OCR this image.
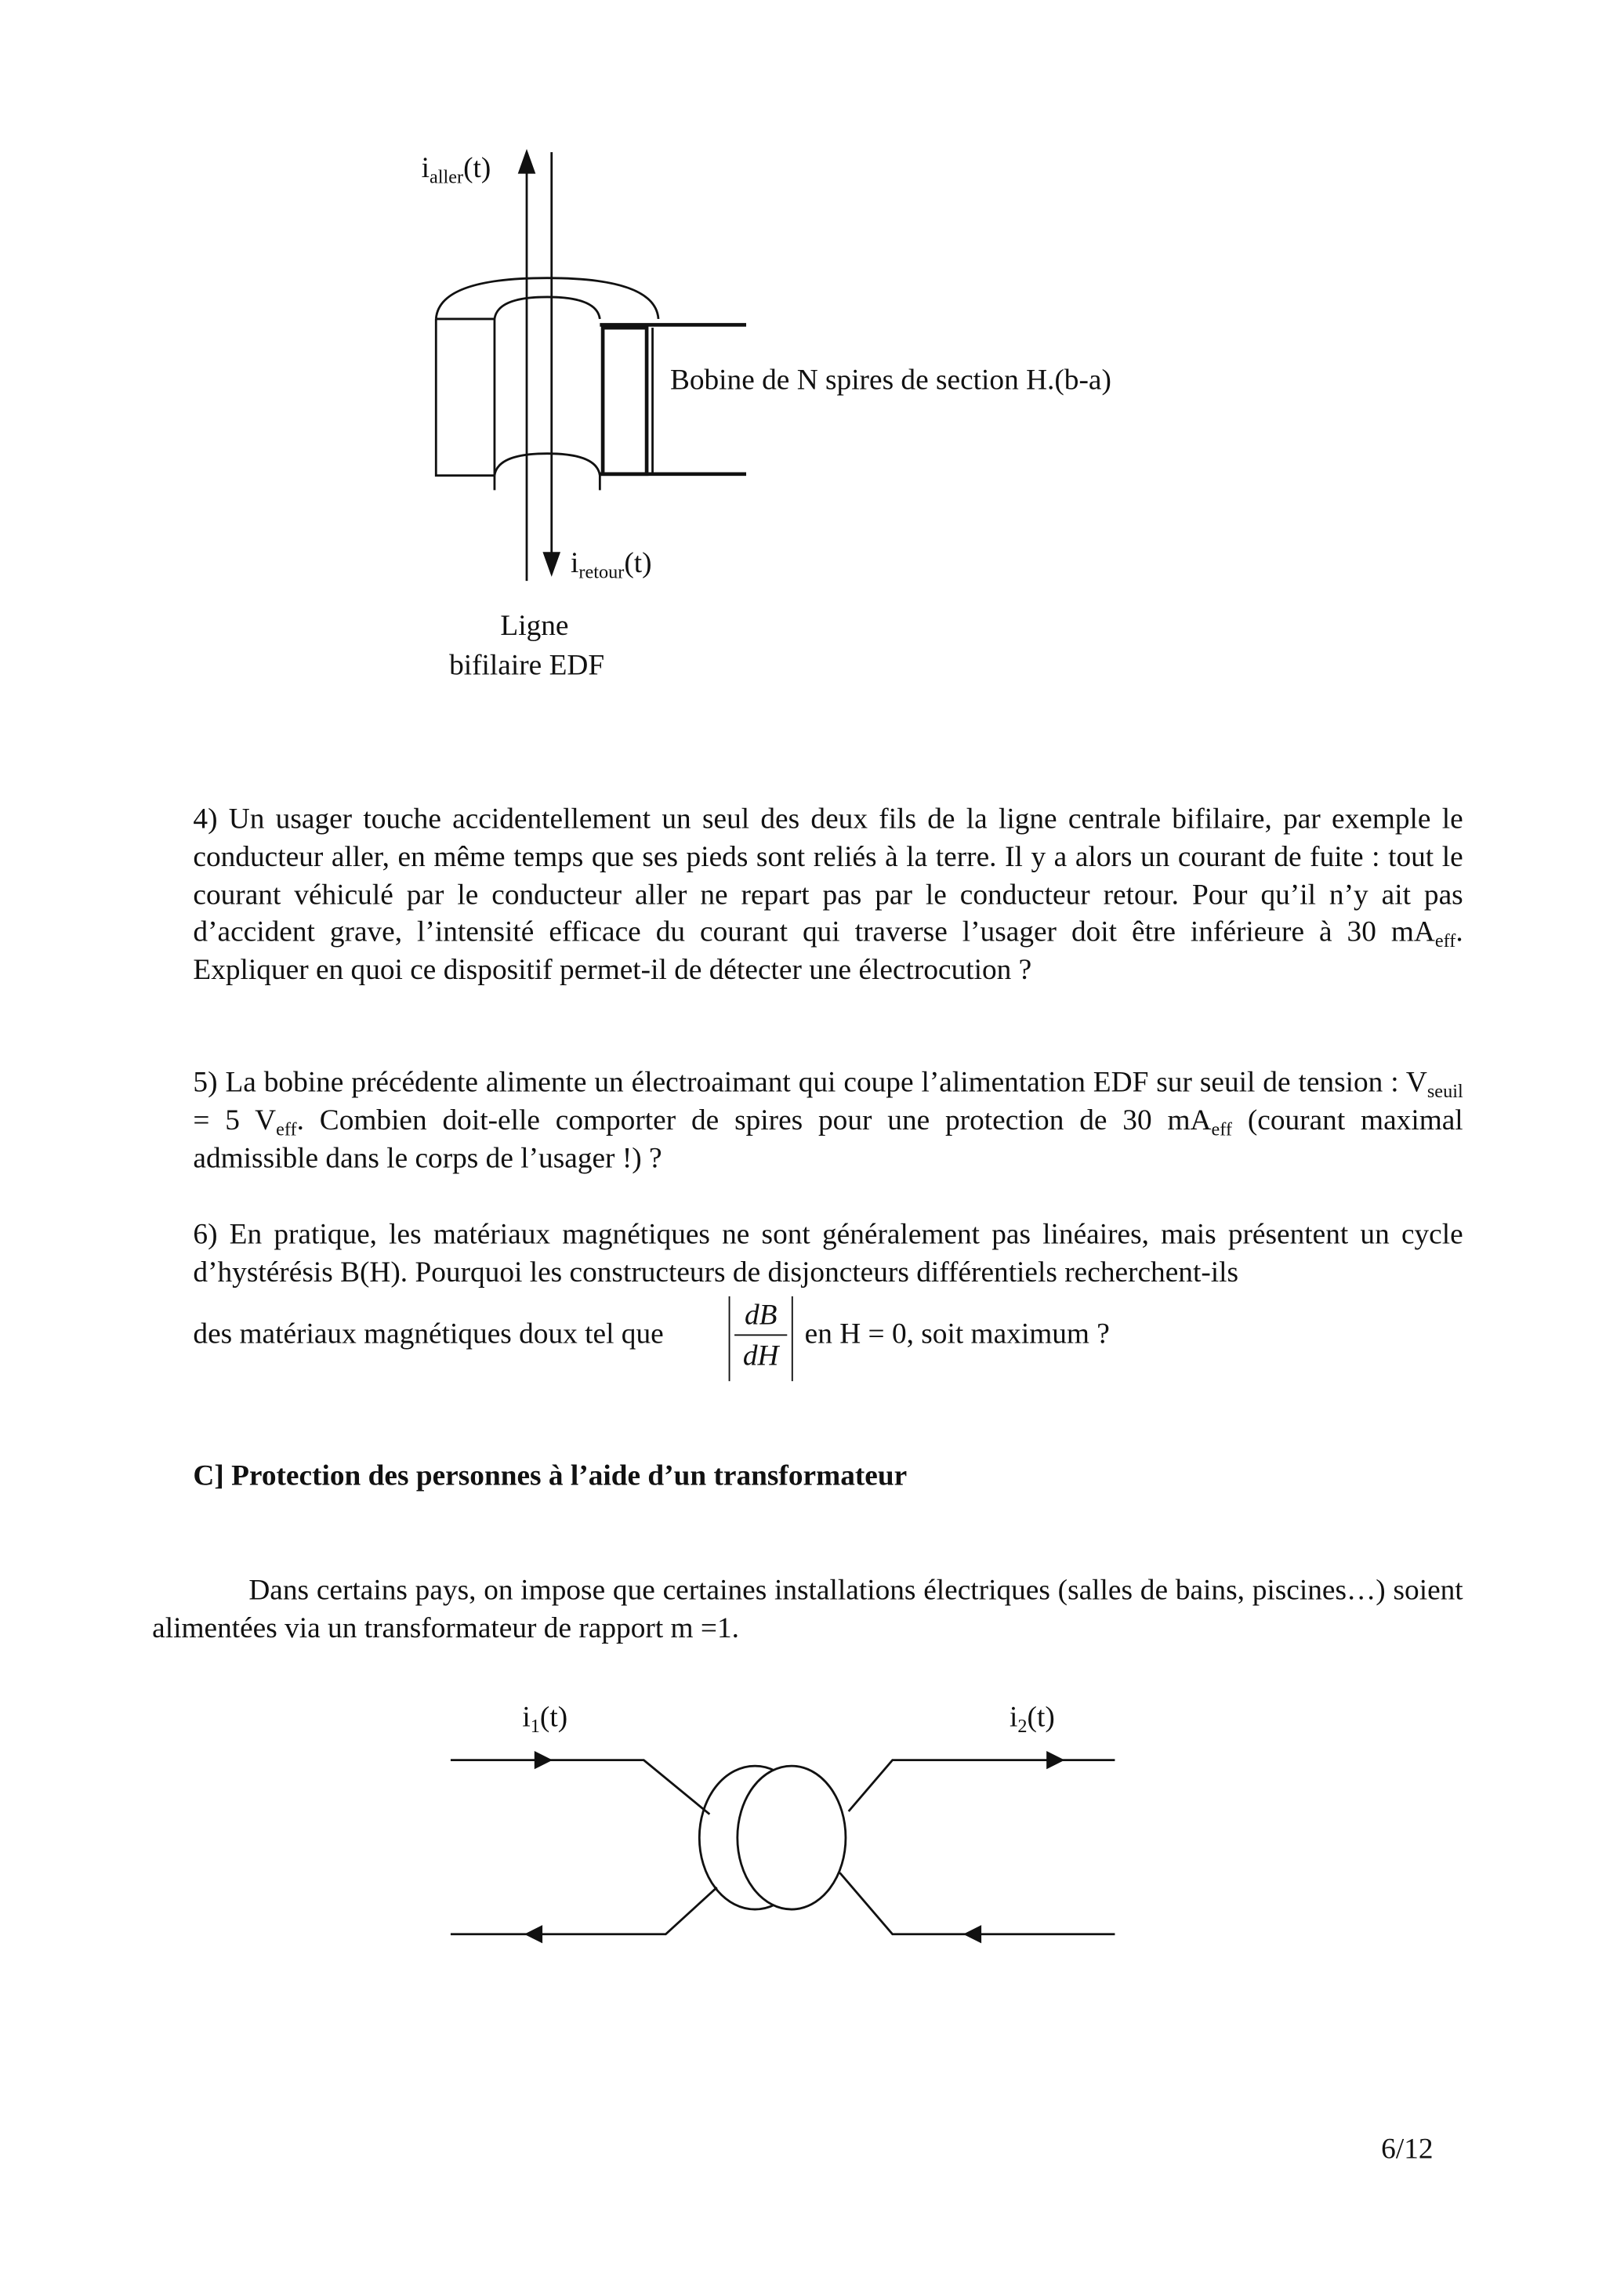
$i_{aller}(t)$
Bobine de N spires de section H.(b-a)
$i_{retour}(t)$
Ligne
bifilaire EDF
4) Un usager touche accidentellement un seul des deux fils de la ligne centrale bifilaire, par exemple le conducteur aller, en même temps que ses pieds sont reliés à la terre. Il y a alors un courant de fuite : tout le courant véhiculé par le conducteur aller ne repart pas par le conducteur retour. Pour qu’il n’y ait pas d’accident grave, l’intensité efficace du courant qui traverse l’usager doit être inférieure à 30 $mA_{eff}$. Expliquer en quoi ce dispositif permet-il de détecter une électrocution ?
5) La bobine précédente alimente un électroaimant qui coupe l’alimentation EDF sur seuil de tension : $V_{seuil} = 5$ $V_{eff}$. Combien doit-elle comporter de spires pour une protection de 30 $mA_{eff}$ (courant maximal admissible dans le corps de l’usager !) ?
6) En pratique, les matériaux magnétiques ne sont généralement pas linéaires, mais présentent un cycle d’hystérésis B(H). Pourquoi les constructeurs de disjoncteurs différentiels recherchent-ils
des matériaux magnétiques doux tel que	$\frac{dB}{dH}$ en H = 0, soit maximum ?
C] Protection des personnes à l’aide d’un transformateur
Dans certains pays, on impose que certaines installations électriques (salles de bains, piscines…) soient alimentées via un transformateur de rapport m =1.
$i_1(t)$	$i_2(t)$
6/12
